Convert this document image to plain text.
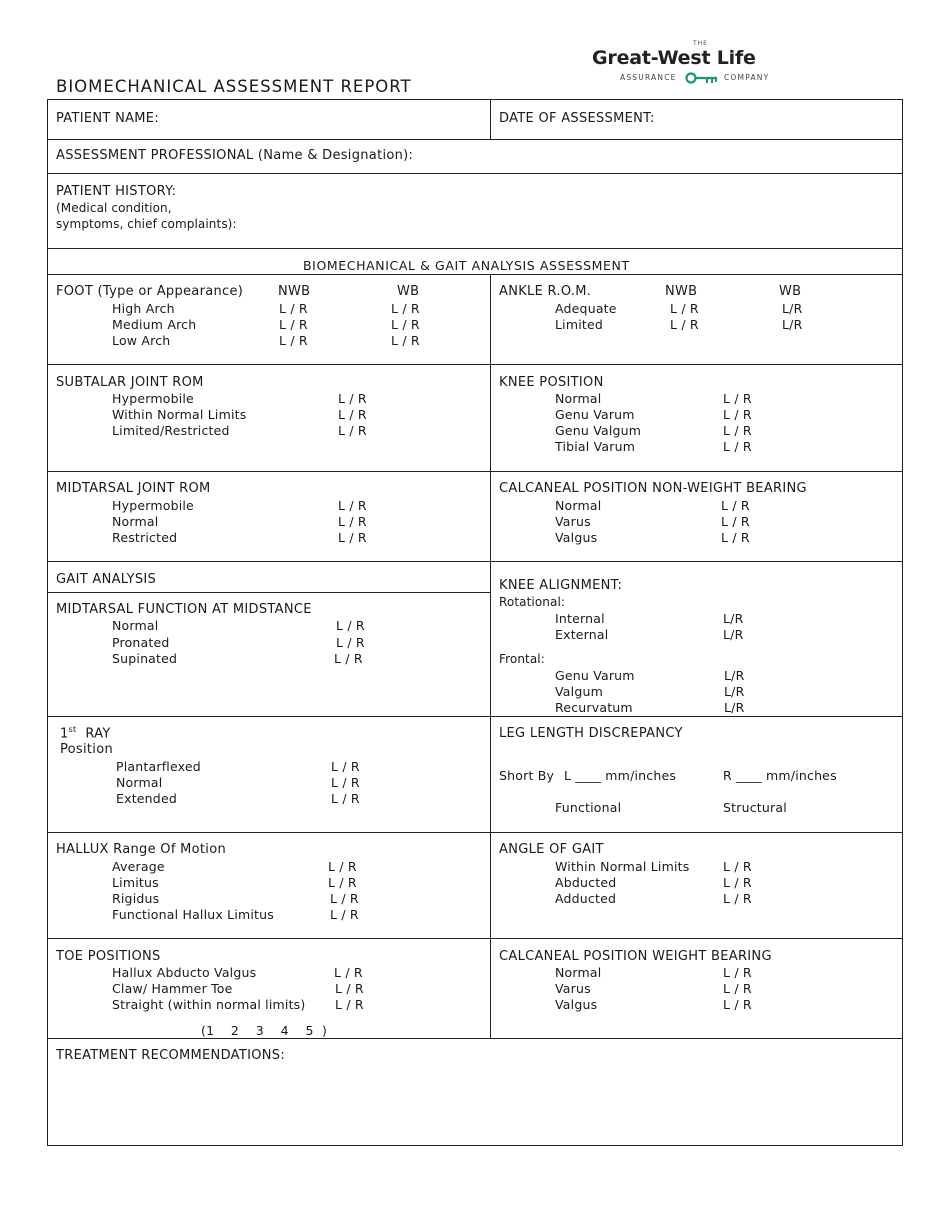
THE
Great-West Life
ASSURANCE	COMPANY
BIOMECHANICAL ASSESSMENT REPORT
PATIENT NAME:	DATE OF ASSESSMENT:
ASSESSMENT PROFESSIONAL (Name & Designation):
PATIENT HISTORY:
(Medical condition,
symptoms, chief complaints):
BIOMECHANICAL & GAIT ANALYSIS ASSESSMENT
FOOT (Type or Appearance)	NWB	WB
High Arch	L / R	L / R
Medium Arch	L / R	L / R
Low Arch	L / R	L / R
ANKLE R.O.M.	NWB	WB
Adequate	L / R	L/R
Limited	L / R	L/R
SUBTALAR JOINT ROM
Hypermobile	L / R
Within Normal Limits	L / R
Limited/Restricted	L / R
KNEE POSITION
Normal	L / R
Genu Varum	L / R
Genu Valgum	L / R
Tibial Varum	L / R
MIDTARSAL JOINT ROM
Hypermobile	L / R
Normal	L / R
Restricted	L / R
CALCANEAL POSITION NON-WEIGHT BEARING
Normal	L / R
Varus	L / R
Valgus	L / R
GAIT ANALYSIS
MIDTARSAL FUNCTION AT MIDSTANCE
Normal	L / R
Pronated	L / R
Supinated	L / R
KNEE ALIGNMENT:
Rotational:
Internal	L/R
External	L/R
Frontal:
Genu Varum	L/R
Valgum	L/R
Recurvatum	L/R
1st RAY
Position
Plantarflexed	L / R
Normal	L / R
Extended	L / R
LEG LENGTH DISCREPANCY
Short By L ____ mm/inches	R ____ mm/inches
Functional	Structural
HALLUX Range Of Motion
Average	L / R
Limitus	L / R
Rigidus	L / R
Functional Hallux Limitus	L / R
ANGLE OF GAIT
Within Normal Limits	L / R
Abducted	L / R
Adducted	L / R
TOE POSITIONS
Hallux Abducto Valgus	L / R
Claw/ Hammer Toe	L / R
Straight (within normal limits) L / R
(1    2    3    4    5  )
CALCANEAL POSITION WEIGHT BEARING
Normal	L / R
Varus	L / R
Valgus	L / R
TREATMENT RECOMMENDATIONS:
